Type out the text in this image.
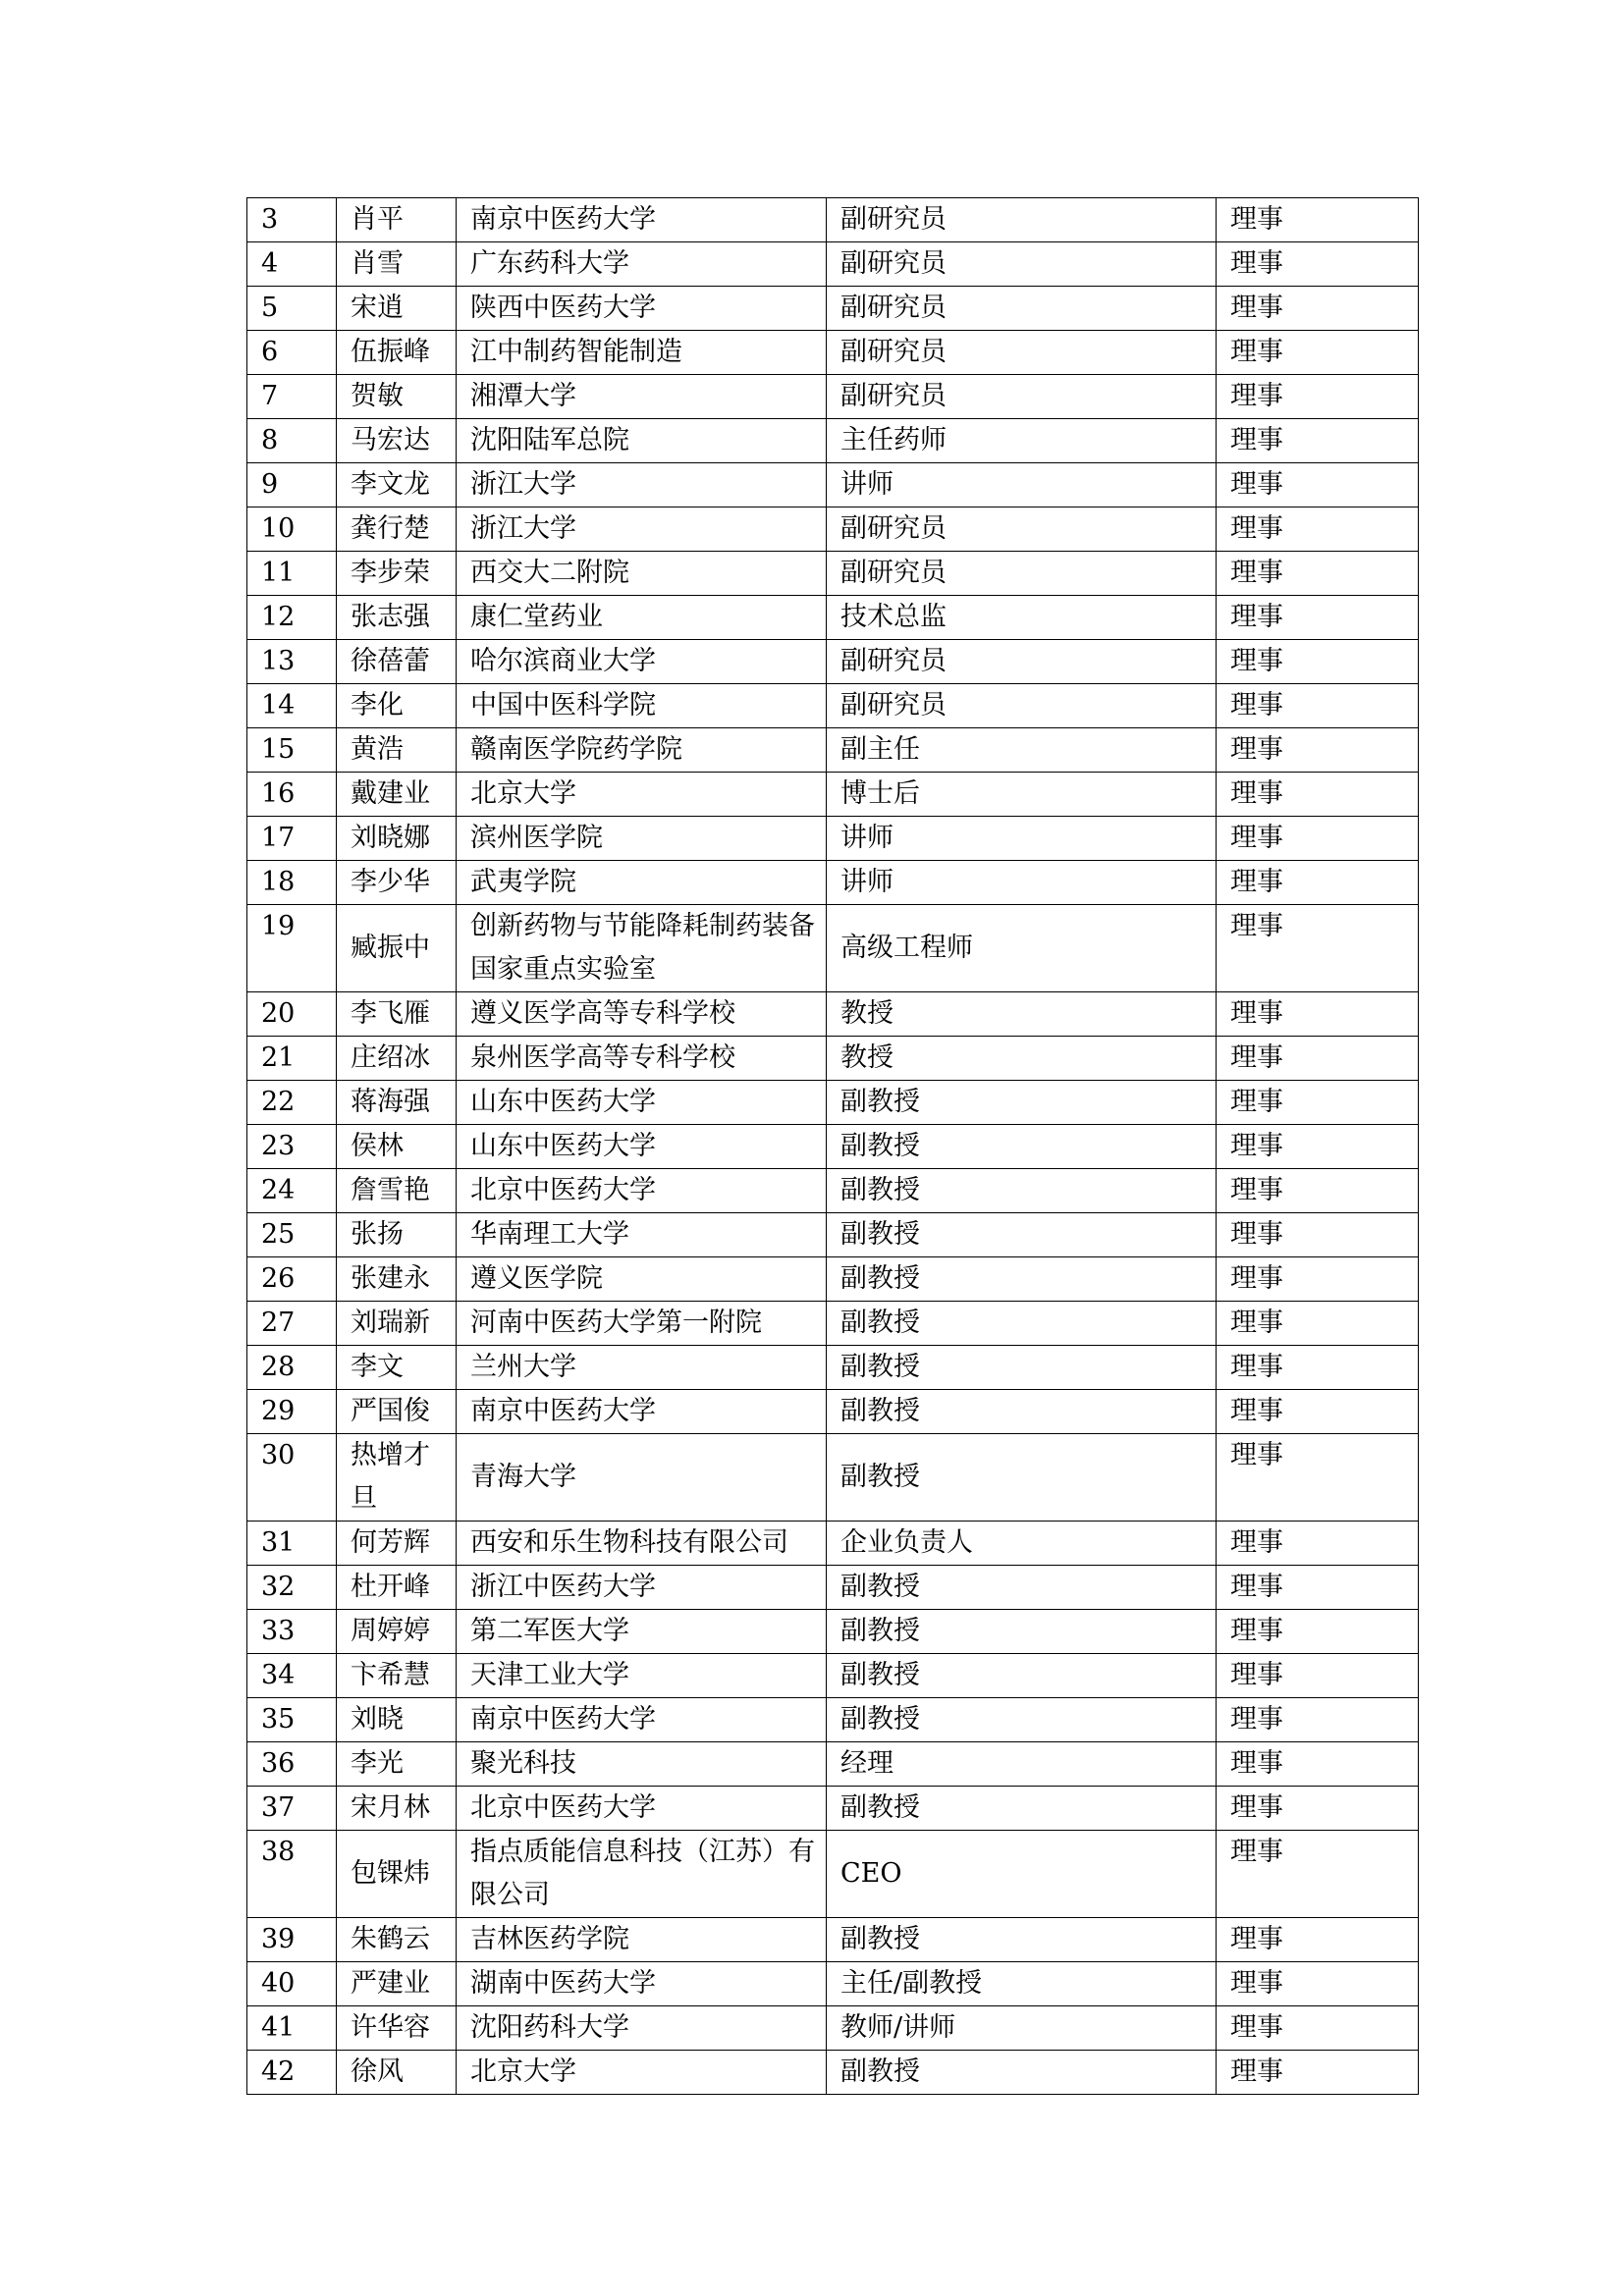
3	肖平	南京中医药大学	副研究员	理事
4	肖雪	广东药科大学	副研究员	理事
5	宋逍	陕西中医药大学	副研究员	理事
6	伍振峰	江中制药智能制造	副研究员	理事
7	贺敏	湘潭大学	副研究员	理事
8	马宏达	沈阳陆军总院	主任药师	理事
9	李文龙	浙江大学	讲师	理事
10	龚行楚	浙江大学	副研究员	理事
11	李步荣	西交大二附院	副研究员	理事
12	张志强	康仁堂药业	技术总监	理事
13	徐蓓蕾	哈尔滨商业大学	副研究员	理事
14	李化	中国中医科学院	副研究员	理事
15	黄浩	赣南医学院药学院	副主任	理事
16	戴建业	北京大学	博士后	理事
17	刘晓娜	滨州医学院	讲师	理事
18	李少华	武夷学院	讲师	理事
19	臧振中	创新药物与节能降耗制药装备国家重点实验室	高级工程师	理事
20	李飞雁	遵义医学高等专科学校	教授	理事
21	庄绍冰	泉州医学高等专科学校	教授	理事
22	蒋海强	山东中医药大学	副教授	理事
23	侯林	山东中医药大学	副教授	理事
24	詹雪艳	北京中医药大学	副教授	理事
25	张扬	华南理工大学	副教授	理事
26	张建永	遵义医学院	副教授	理事
27	刘瑞新	河南中医药大学第一附院	副教授	理事
28	李文	兰州大学	副教授	理事
29	严国俊	南京中医药大学	副教授	理事
30	热增才旦	青海大学	副教授	理事
31	何芳辉	西安和乐生物科技有限公司	企业负责人	理事
32	杜开峰	浙江中医药大学	副教授	理事
33	周婷婷	第二军医大学	副教授	理事
34	卞希慧	天津工业大学	副教授	理事
35	刘晓	南京中医药大学	副教授	理事
36	李光	聚光科技	经理	理事
37	宋月林	北京中医药大学	副教授	理事
38	包锞炜	指点质能信息科技（江苏）有限公司	CEO	理事
39	朱鹤云	吉林医药学院	副教授	理事
40	严建业	湖南中医药大学	主任/副教授	理事
41	许华容	沈阳药科大学	教师/讲师	理事
42	徐风	北京大学	副教授	理事
